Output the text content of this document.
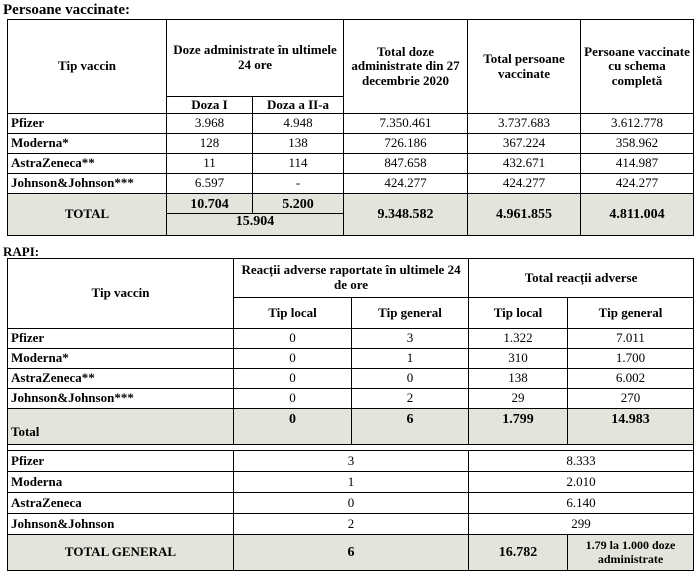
Persoane vaccinate:
Tip vaccin	Doze administrate în ultimele 24 ore		Total doze administrate din 27 decembrie 2020	Total persoane vaccinate	Persoane vaccinate cu schema completă
	Doza I	Doza a II-a			
Pfizer	3.968	4.948	7.350.461	3.737.683	3.612.778
Moderna*	128	138	726.186	367.224	358.962
AstraZeneca**	11	114	847.658	432.671	414.987
Johnson&Johnson***	6.597	-	424.277	424.277	424.277
TOTAL	10.704	5.200	9.348.582	4.961.855	4.811.004
	15.904				
RAPI:
Tip vaccin	Reacții adverse raportate în ultimele 24 de ore		Total reacții adverse	
	Tip local	Tip general	Tip local	Tip general
Pfizer	0	3	1.322	7.011
Moderna*	0	1	310	1.700
AstraZeneca**	0	0	138	6.002
Johnson&Johnson***	0	2	29	270
Total	0	6	1.799	14.983

Pfizer	3		8.333	
Moderna	1		2.010	
AstraZeneca	0		6.140	
Johnson&Johnson	2		299	
TOTAL GENERAL	6		16.782	1.79 la 1.000 doze administrate
